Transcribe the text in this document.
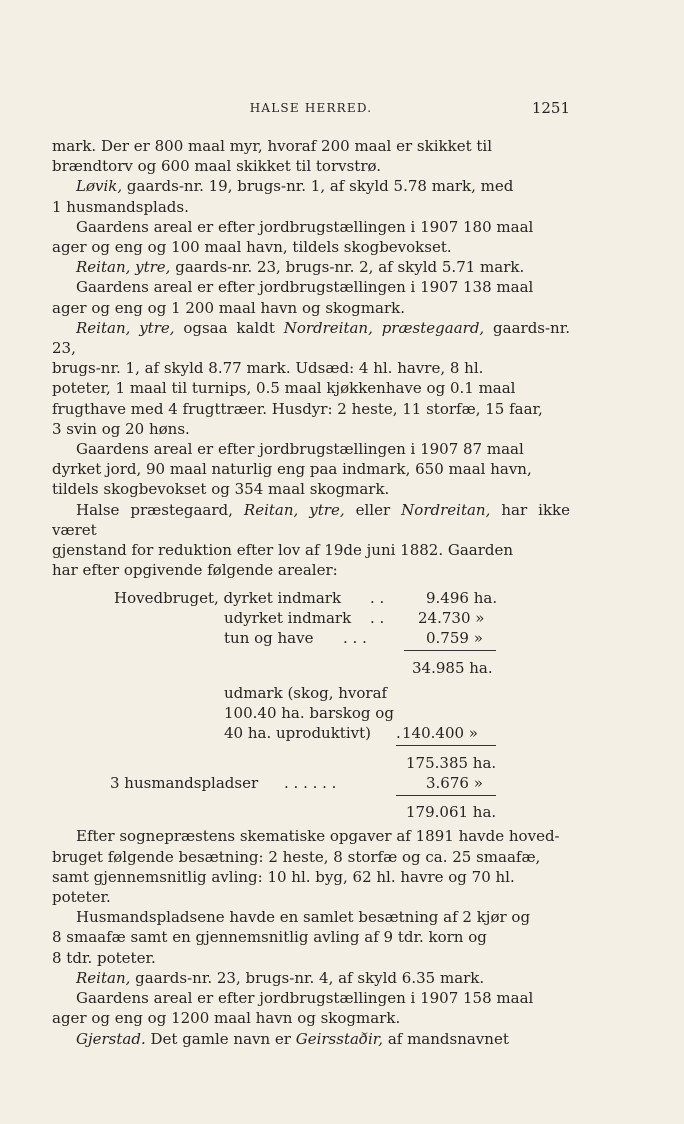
HALSE HERRED.	1251

mark. Der er 800 maal myr, hvoraf 200 maal er skikket til

brændtorv og 600 maal skikket til torvstrø.

Løvik, gaards-nr. 19, brugs-nr. 1, af skyld 5.78 mark, med

1 husmandsplads.

Gaardens areal er efter jordbrugstællingen i 1907 180 maal

ager og eng og 100 maal havn, tildels skogbevokset.

Reitan, ytre, gaards-nr. 23, brugs-nr. 2, af skyld 5.71 mark.

Gaardens areal er efter jordbrugstællingen i 1907 138 maal

ager og eng og 1 200 maal havn og skogmark.

Reitan, ytre, ogsaa kaldt Nordreitan, præstegaard, gaards-nr. 23,

brugs-nr. 1, af skyld 8.77 mark. Udsæd: 4 hl. havre, 8 hl.

poteter, 1 maal til turnips, 0.5 maal kjøkkenhave og 0.1 maal

frugthave med 4 frugttræer. Husdyr: 2 heste, 11 storfæ, 15 faar,

3 svin og 20 høns.

Gaardens areal er efter jordbrugstællingen i 1907 87 maal

dyrket jord, 90 maal naturlig eng paa indmark, 650 maal havn,

tildels skogbevokset og 354 maal skogmark.

Halse præstegaard, Reitan, ytre, eller Nordreitan, har ikke været

gjenstand for reduktion efter lov af 19de juni 1882. Gaarden

har efter opgivende følgende arealer:

Hovedbruget, dyrket indmark . .	9.496 ha.
udyrket indmark . . 24.730 »
tun og have . . .	0.759 »
34.985 ha.
udmark (skog, hvoraf
100.40 ha. barskog og
40 ha. uproduktivt) . 140.400 »
175.385 ha.
3 husmandspladser . . . . . .	3.676 »
179.061 ha.

Efter sognepræstens skematiske opgaver af 1891 havde hoved-

bruget følgende besætning: 2 heste, 8 storfæ og ca. 25 smaafæ,

samt gjennemsnitlig avling: 10 hl. byg, 62 hl. havre og 70 hl.

poteter.

Husmandspladsene havde en samlet besætning af 2 kjør og

8 smaafæ samt en gjennemsnitlig avling af 9 tdr. korn og

8 tdr. poteter.

Reitan, gaards-nr. 23, brugs-nr. 4, af skyld 6.35 mark.

Gaardens areal er efter jordbrugstællingen i 1907 158 maal

ager og eng og 1200 maal havn og skogmark.

Gjerstad. Det gamle navn er Geirsstaðir, af mandsnavnet
